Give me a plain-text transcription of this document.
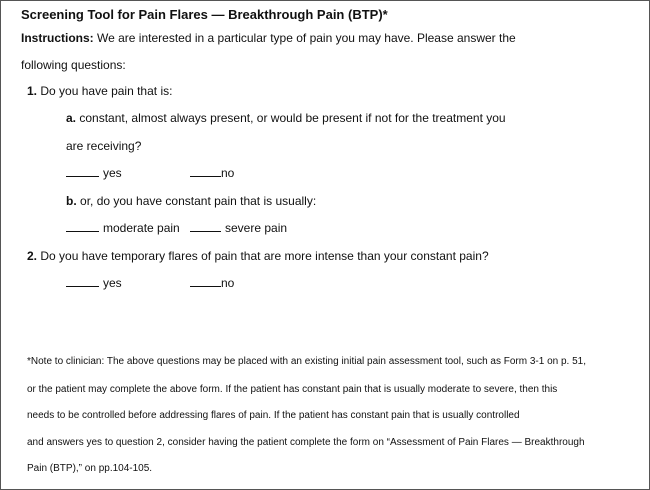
Screening Tool for Pain Flares — Breakthrough Pain (BTP)*
Instructions: We are interested in a particular type of pain you may have. Please answer the
following questions:
1. Do you have pain that is:
a. constant, almost always present, or would be present if not for the treatment you
are receiving?
yes	no
b. or, do you have constant pain that is usually:
moderate pain	severe pain
2. Do you have temporary flares of pain that are more intense than your constant pain?
yes	no
*Note to clinician: The above questions may be placed with an existing initial pain assessment tool, such as Form 3-1 on p. 51,
or the patient may complete the above form. If the patient has constant pain that is usually moderate to severe, then this
needs to be controlled before addressing flares of pain. If the patient has constant pain that is usually controlled
and answers yes to question 2, consider having the patient complete the form on “Assessment of Pain Flares — Breakthrough
Pain (BTP),” on pp.104-105.
